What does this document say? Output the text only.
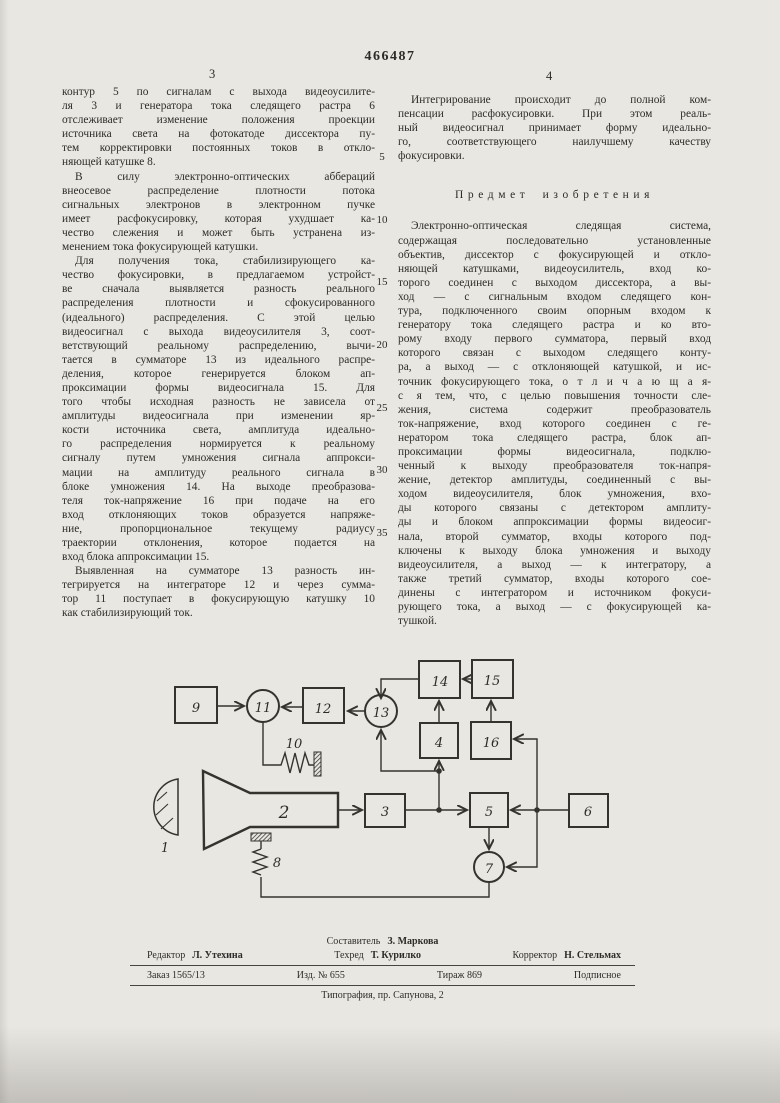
466487
3	4
контур 5 по сигналам с выхода видеоусилите-
ля 3 и генератора тока следящего растра 6
отслеживает изменение положения проекции
источника света на фотокатоде диссектора пу-
тем корректировки постоянных токов в откло-
няющей катушке 8.
В силу электронно-оптических аббераций
внеосевое распределение плотности потока
сигнальных электронов в электронном пучке
имеет расфокусировку, которая ухудшает ка-
чество слежения и может быть устранена из-
менением тока фокусирующей катушки.
Для получения тока, стабилизирующего ка-
чество фокусировки, в предлагаемом устройст-
ве сначала выявляется разность реального
распределения плотности и сфокусированного
(идеального) распределения. С этой целью
видеосигнал с выхода видеоусилителя 3, соот-
ветствующий реальному распределению, вычи-
тается в сумматоре 13 из идеального распре-
деления, которое генерируется блоком ап-
проксимации формы видеосигнала 15. Для
того чтобы исходная разность не зависела от
амплитуды видеосигнала при изменении яр-
кости источника света, амплитуда идеально-
го распределения нормируется к реальному
сигналу путем умножения сигнала аппрокси-
мации на амплитуду реального сигнала в
блоке умножения 14. На выходе преобразова-
теля ток-напряжение 16 при подаче на его
вход отклоняющих токов образуется напряже-
ние, пропорциональное текущему радиусу
траектории отклонения, которое подается на
вход блока аппроксимации 15.
Выявленная на сумматоре 13 разность ин-
тегрируется на интеграторе 12 и через сумма-
тор 11 поступает в фокусирующую катушку 10
как стабилизирующий ток.
5
10
15
20
25
30
35
Интегрирование происходит до полной ком-
пенсации расфокусировки. При этом реаль-
ный видеосигнал принимает форму идеально-
го, соответствующего наилучшему качеству
фокусировки.
Предмет изобретения
Электронно-оптическая следящая система,
содержащая последовательно установленные
объектив, диссектор с фокусирующей и откло-
няющей катушками, видеоусилитель, вход ко-
торого соединен с выходом диссектора, а вы-
ход — с сигнальным входом следящего кон-
тура, подключенного своим опорным входом к
генератору тока следящего растра и ко вто-
рому входу первого сумматора, первый вход
которого связан с выходом следящего конту-
ра, а выход — с отклоняющей катушкой, и ис-
точник фокусирующего тока, о т л и ч а ю щ а я-
с я тем, что, с целью повышения точности сле-
жения, система содержит преобразователь
ток-напряжение, вход которого соединен с ге-
нератором тока следящего растра, блок ап-
проксимации формы видеосигнала, подклю-
ченный к выходу преобразователя ток-напря-
жение, детектор амплитуды, соединенный с вы-
ходом видеоусилителя, блок умножения, вхо-
ды которого связаны с детектором амплиту-
ды и блоком аппроксимации формы видеосиг-
нала, второй сумматор, входы которого под-
ключены к выходу блока умножения и выходу
видеоусилителя, а выход — к интегратору, а
также третий сумматор, входы которого сое-
динены с интегратором и источником фокуси-
рующего тока, а выход — с фокусирующей ка-
тушкой.
9	11	12	13
14	15
4	16
3	5	6
7
2
10
8
1
Составитель З. Маркова
Редактор Л. Утехина	Техред Т. Курилко	Корректор Н. Стельмах
Заказ 1565/13	Изд. № 655	Тираж 869	Подписное
Типография, пр. Сапунова, 2
